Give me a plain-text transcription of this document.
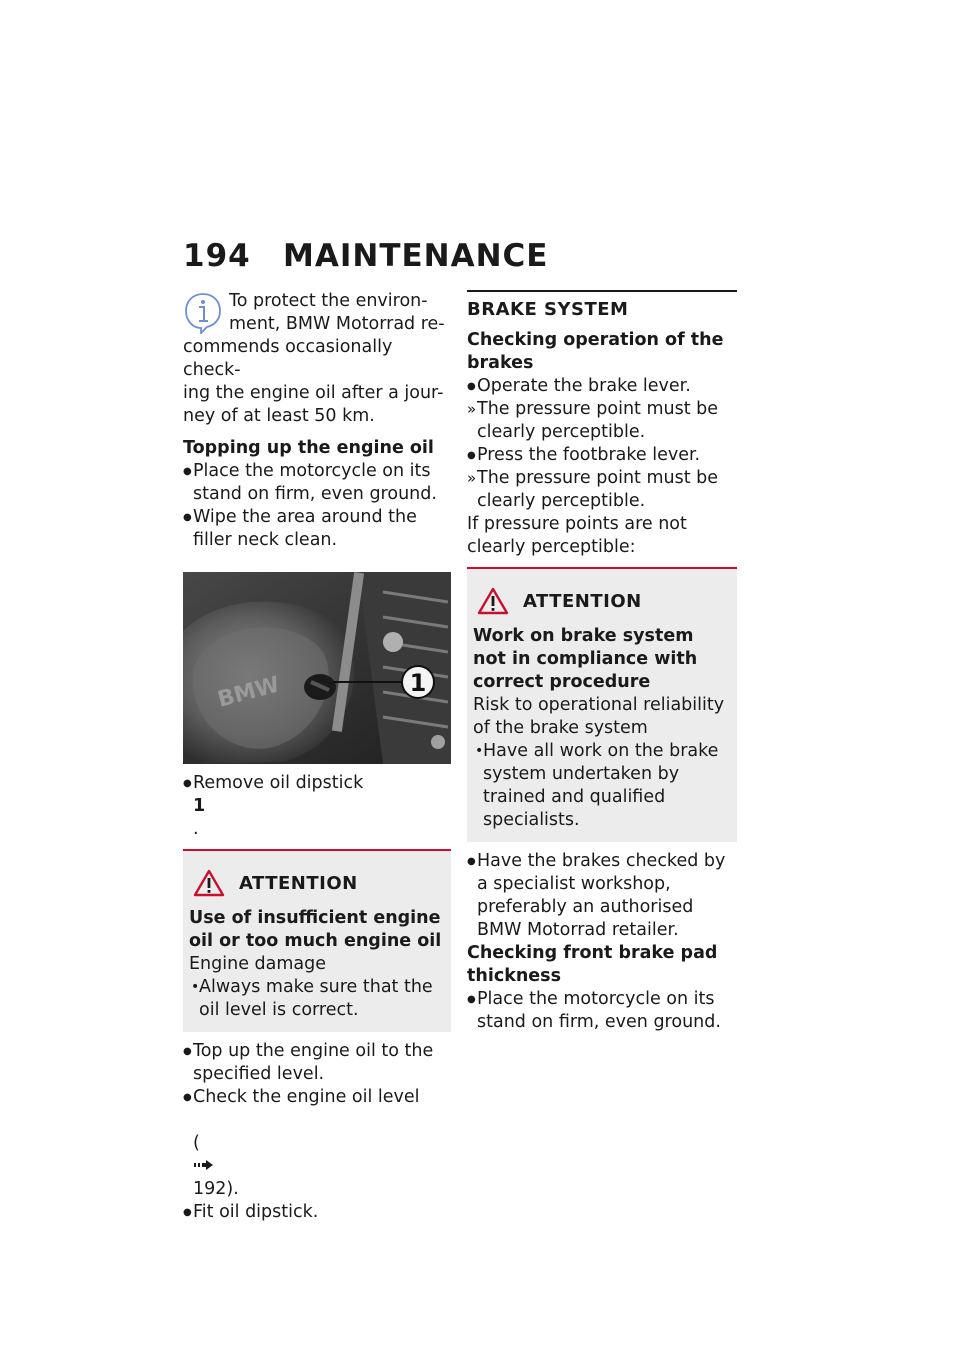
194	MAINTENANCE

To protect the environ-

ment, BMW Motorrad re-

commends occasionally check-

ing the engine oil after a jour-

ney of at least 50 km.

Topping up the engine oil

● Place the motorcycle on its stand on firm, even ground.
● Wipe the area around the filler neck clean.
BMW	1
● Remove oil dipstick
1
.
ATTENTION

Use of insufficient engine oil or too much engine oil

Engine damage

• Always make sure that the oil level is correct.
● Top up the engine oil to the specified level.
● Check the engine oil level

(
192).
● Fit oil dipstick.
BRAKE SYSTEM

Checking operation of the brakes

● Operate the brake lever.
» The pressure point must be clearly perceptible.
● Press the footbrake lever.
» The pressure point must be clearly perceptible.

If pressure points are not clearly perceptible:

ATTENTION

Work on brake system not in compliance with correct procedure

Risk to operational reliability of the brake system

• Have all work on the brake system undertaken by trained and qualified specialists.
● Have the brakes checked by a specialist workshop, preferably an authorised BMW Motorrad retailer.

Checking front brake pad thickness

● Place the motorcycle on its stand on firm, even ground.
